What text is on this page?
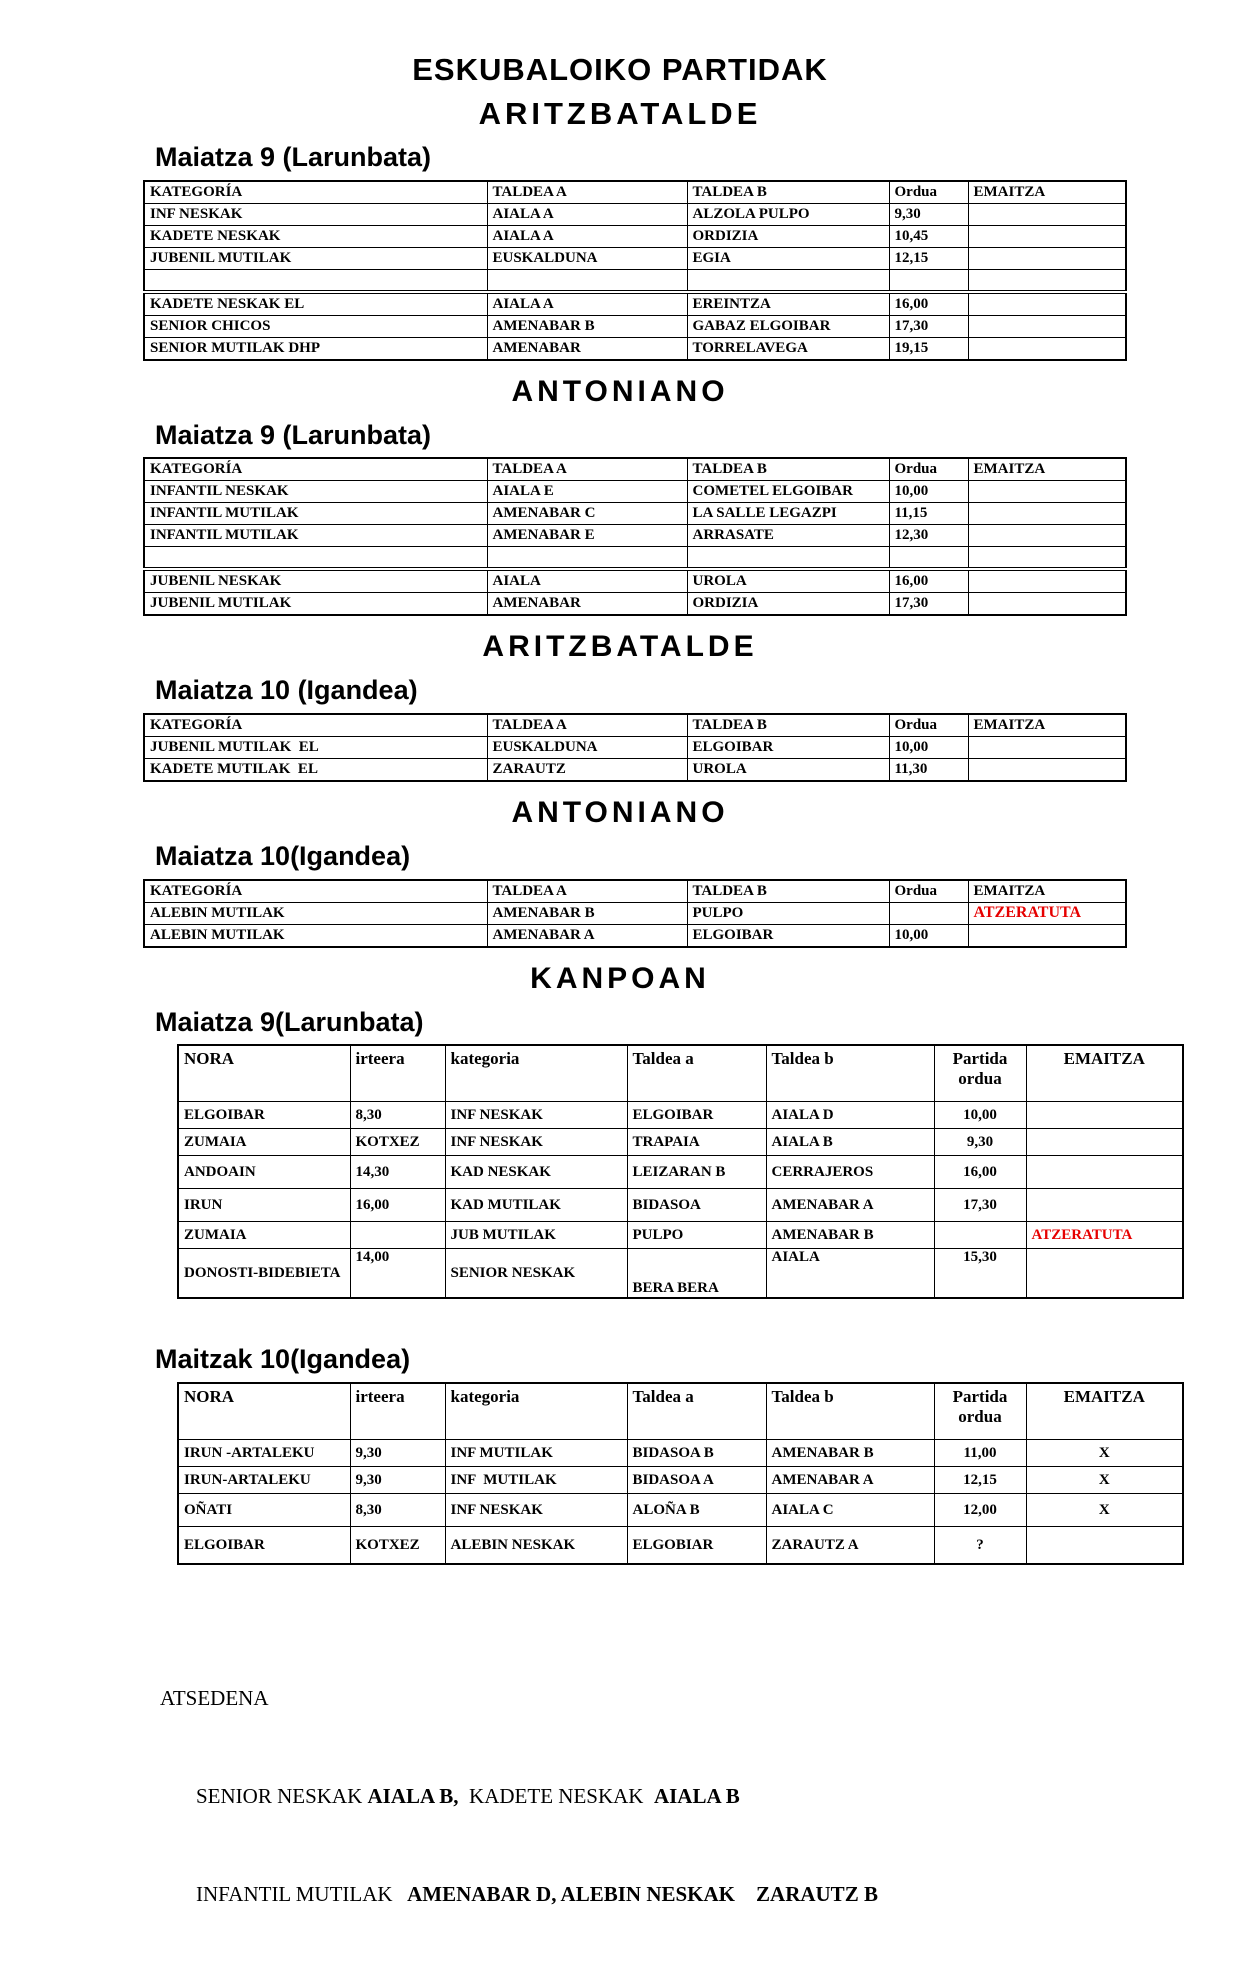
ESKUBALOIKO PARTIDAK
ARITZBATALDE
Maiatza 9 (Larunbata)
KATEGORÍA	TALDEA A	TALDEA B	Ordua	EMAITZA
INF NESKAK	AIALA A	ALZOLA PULPO	9,30	
KADETE NESKAK	AIALA A	ORDIZIA	10,45	
JUBENIL MUTILAK	EUSKALDUNA	EGIA	12,15	

KADETE NESKAK EL	AIALA A	EREINTZA	16,00	
SENIOR CHICOS	AMENABAR B	GABAZ ELGOIBAR	17,30	
SENIOR MUTILAK DHP	AMENABAR	TORRELAVEGA	19,15	
ANTONIANO
Maiatza 9 (Larunbata)
KATEGORÍA	TALDEA A	TALDEA B	Ordua	EMAITZA
INFANTIL NESKAK	AIALA E	COMETEL ELGOIBAR	10,00	
INFANTIL MUTILAK	AMENABAR C	LA SALLE LEGAZPI	11,15	
INFANTIL MUTILAK	AMENABAR E	ARRASATE	12,30	

JUBENIL NESKAK	AIALA	UROLA	16,00	
JUBENIL MUTILAK	AMENABAR	ORDIZIA	17,30	
ARITZBATALDE
Maiatza 10 (Igandea)
KATEGORÍA	TALDEA A	TALDEA B	Ordua	EMAITZA
JUBENIL MUTILAK  EL	EUSKALDUNA	ELGOIBAR	10,00	
KADETE MUTILAK  EL	ZARAUTZ	UROLA	11,30	
ANTONIANO
Maiatza 10(Igandea)
KATEGORÍA	TALDEA A	TALDEA B	Ordua	EMAITZA
ALEBIN MUTILAK	AMENABAR B	PULPO		ATZERATUTA
ALEBIN MUTILAK	AMENABAR A	ELGOIBAR	10,00	
KANPOAN
Maiatza 9(Larunbata)
NORA	irteera	kategoria	Taldea a	Taldea b	Partida ordua	EMAITZA
ELGOIBAR	8,30	INF NESKAK	ELGOIBAR	AIALA D	10,00	
ZUMAIA	KOTXEZ	INF NESKAK	TRAPAIA	AIALA B	9,30	
ANDOAIN	14,30	KAD NESKAK	LEIZARAN B	CERRAJEROS	16,00	
IRUN	16,00	KAD MUTILAK	BIDASOA	AMENABAR A	17,30	
ZUMAIA		JUB MUTILAK	PULPO	AMENABAR B		ATZERATUTA
DONOSTI-BIDEBIETA	14,00	SENIOR NESKAK	BERA BERA	AIALA	15,30	
Maitzak 10(Igandea)
NORA	irteera	kategoria	Taldea a	Taldea b	Partida ordua	EMAITZA
IRUN -ARTALEKU	9,30	INF MUTILAK	BIDASOA B	AMENABAR B	11,00	X
IRUN-ARTALEKU	9,30	INF  MUTILAK	BIDASOA A	AMENABAR A	12,15	X
OÑATI	8,30	INF NESKAK	ALOÑA B	AIALA C	12,00	X
ELGOIBAR	KOTXEZ	ALEBIN NESKAK	ELGOBIAR	ZARAUTZ A	?	

ATSEDENA

SENIOR NESKAK AIALA B,  KADETE NESKAK  AIALA B

INFANTIL MUTILAK   AMENABAR D, ALEBIN NESKAK    ZARAUTZ B
